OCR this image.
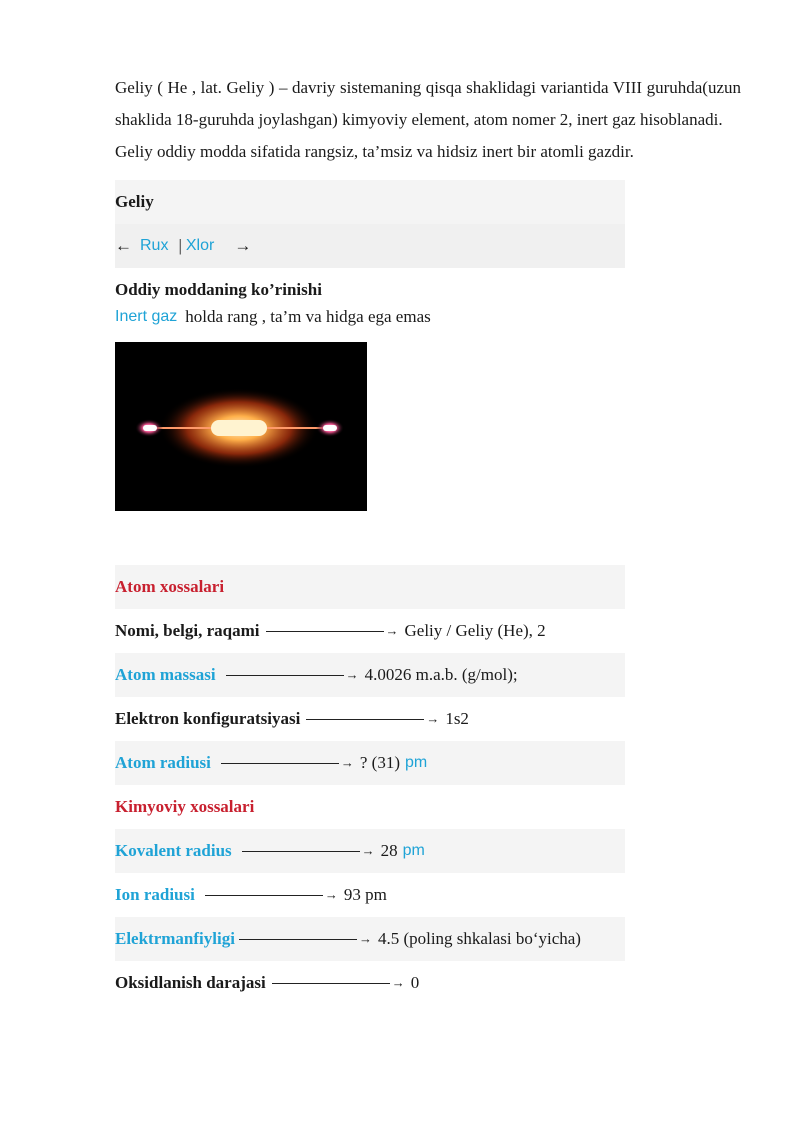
Geliy ( He , lat. Geliy ) – davriy sistemaning qisqa shaklidagi variantida VIII guruhda(uzun shaklida 18-guruhda joylashgan) kimyoviy element, atom nomer 2, inert gaz hisoblanadi.

Geliy oddiy modda sifatida rangsiz, ta’msiz va hidsiz inert bir atomli gazdir.

Geliy
← Rux | Xlor →
Oddiy moddaning ko’rinishi
Inert gaz holda rang , ta’m va hidga ega emas
Atom xossalari
Nomi, belgi, raqami	→ Geliy / Geliy (He), 2
Atom massasi	→ 4.0026 m.a.b. (g/mol);
Elektron konfiguratsiyasi	→ 1s2
Atom radiusi	→ ? (31) pm
Kimyoviy xossalari
Kovalent radius	→ 28 pm
Ion radiusi	→ 93 pm
Elektrmanfiyligi	→ 4.5 (poling shkalasi bo‘yicha)
Oksidlanish darajasi	→ 0
